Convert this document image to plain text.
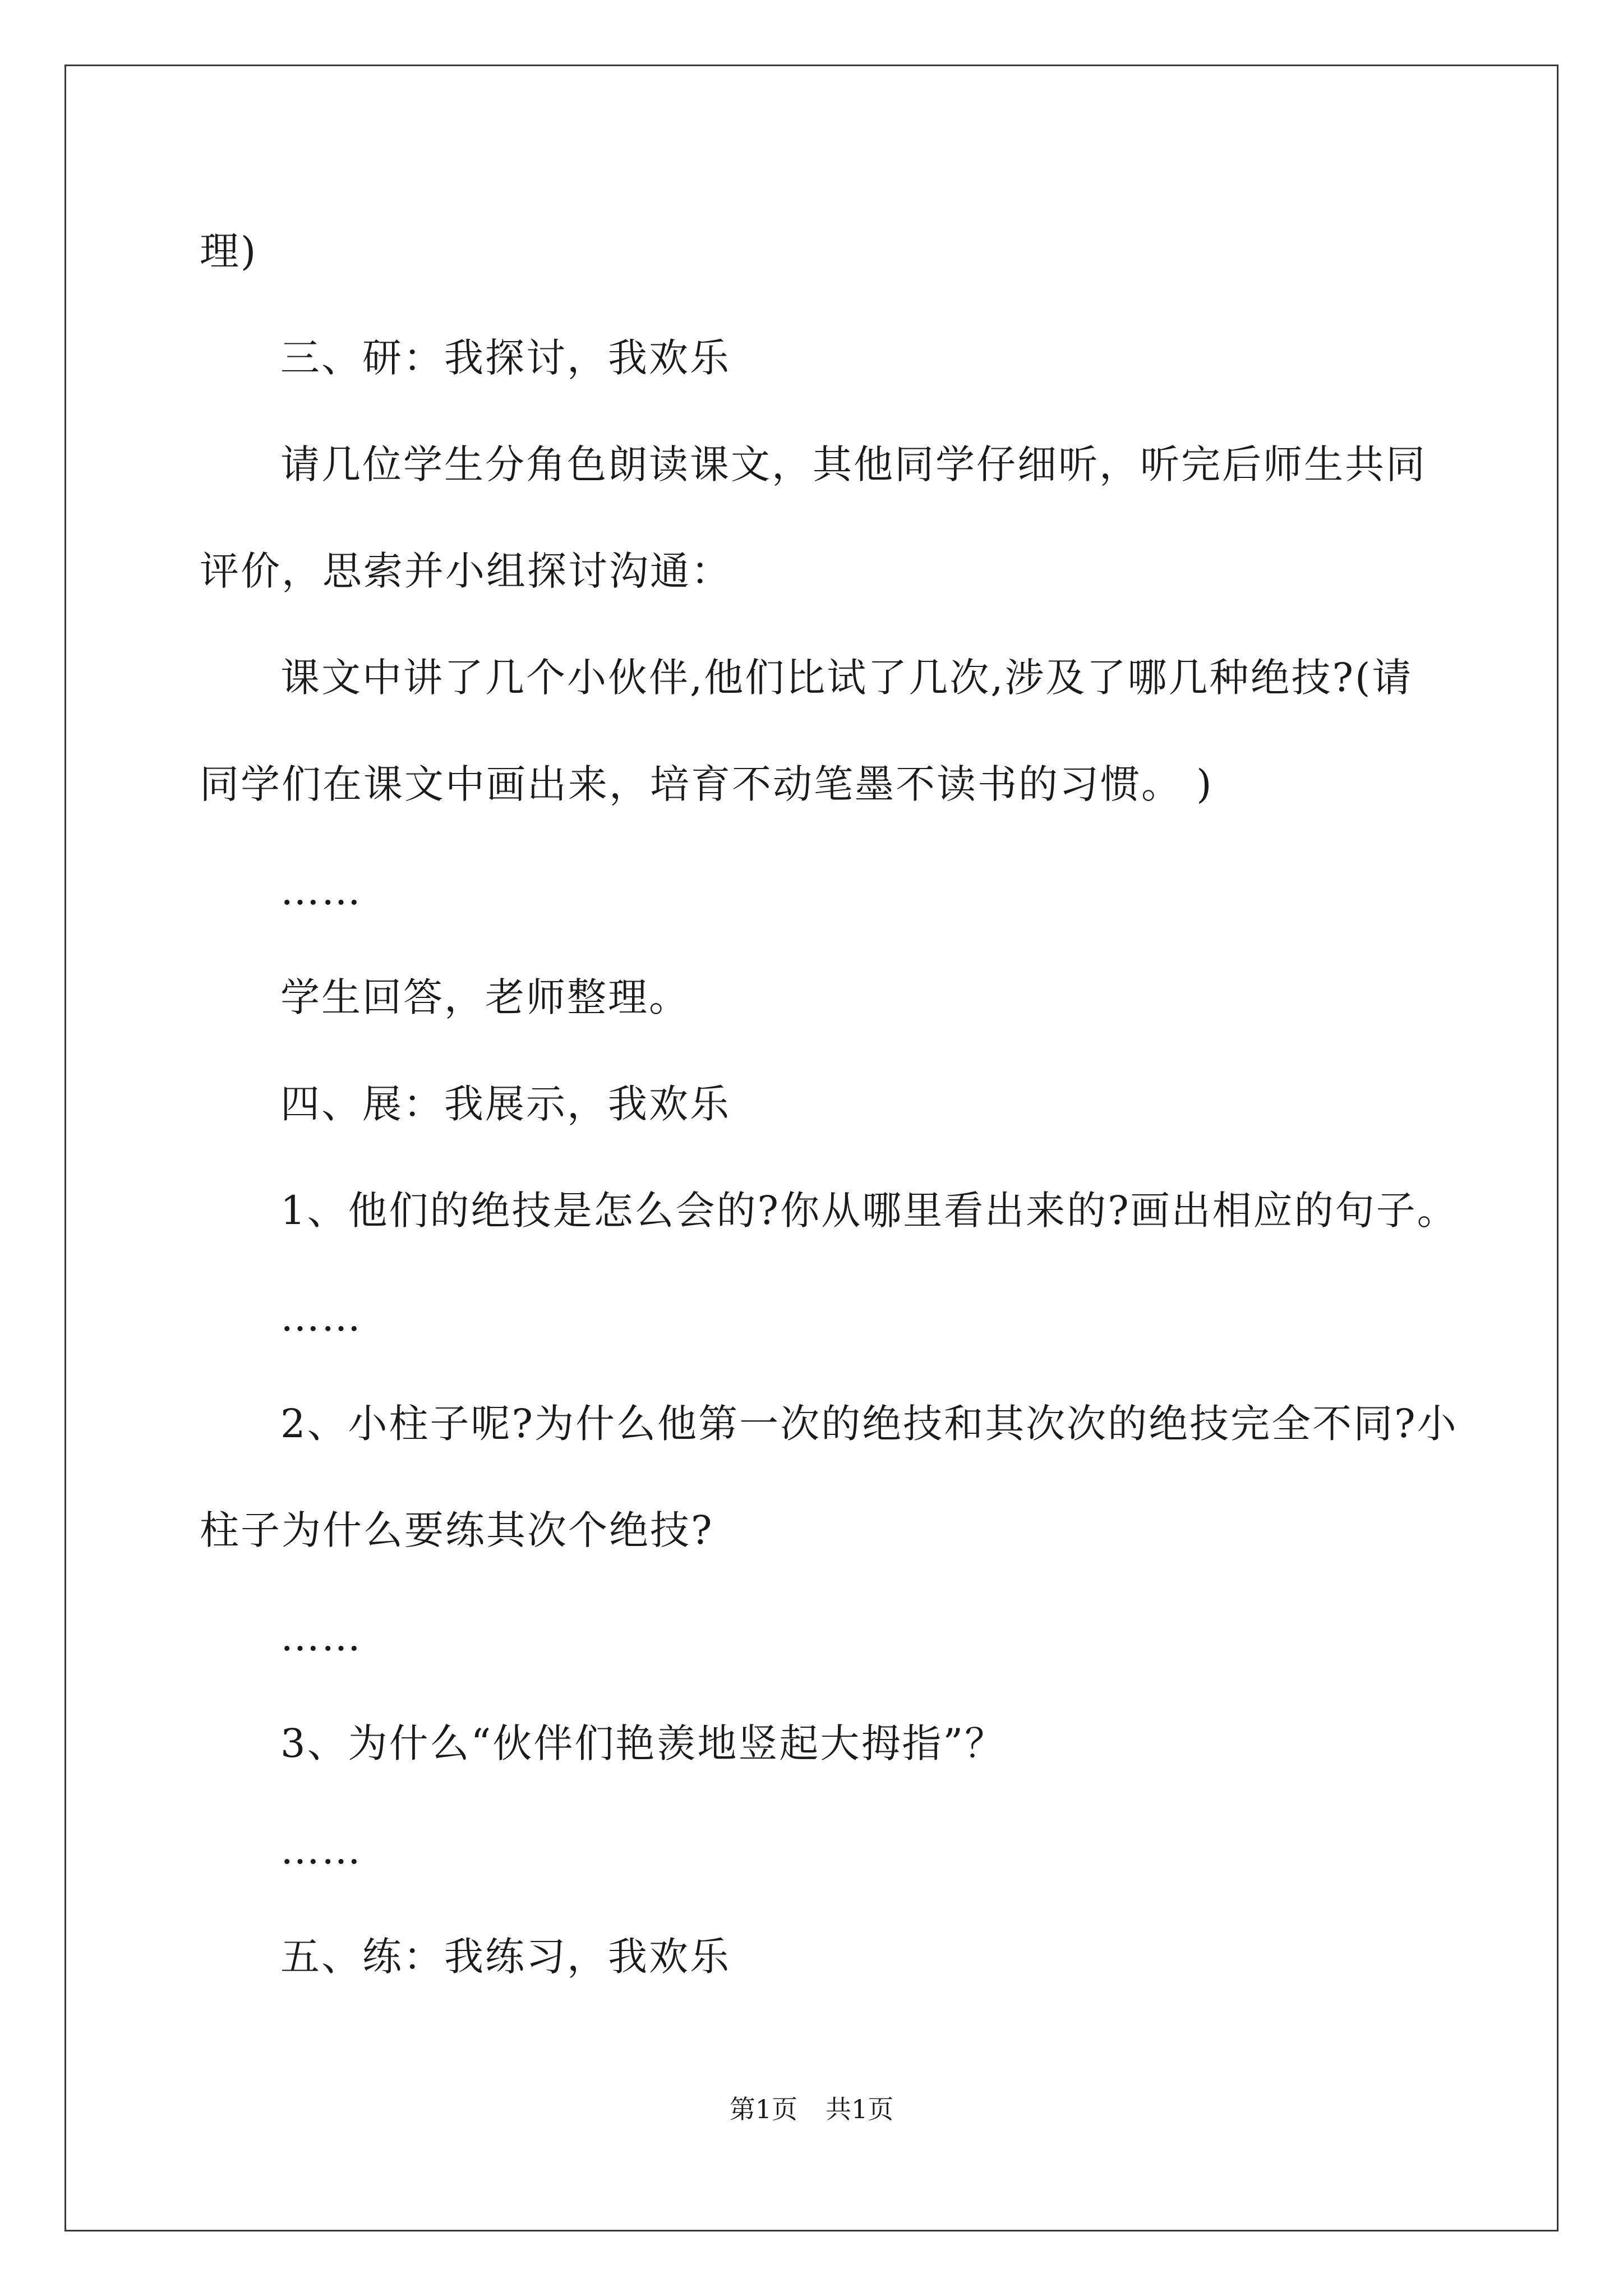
理)
三、研：我探讨，我欢乐
请几位学生分角色朗读课文，其他同学仔细听，听完后师生共同
评价，思索并小组探讨沟通：
课文中讲了几个小伙伴,他们比试了几次,涉及了哪几种绝技?(请
同学们在课文中画出来，培育不动笔墨不读书的习惯。 )
……
学生回答，老师整理。
四、展：我展示，我欢乐
1、他们的绝技是怎么会的?你从哪里看出来的?画出相应的句子。
……
2、小柱子呢?为什么他第一次的绝技和其次次的绝技完全不同?小
柱子为什么要练其次个绝技?
……
3、为什么“伙伴们艳羡地竖起大拇指”？
……
五、练：我练习，我欢乐
第1页 共1页
